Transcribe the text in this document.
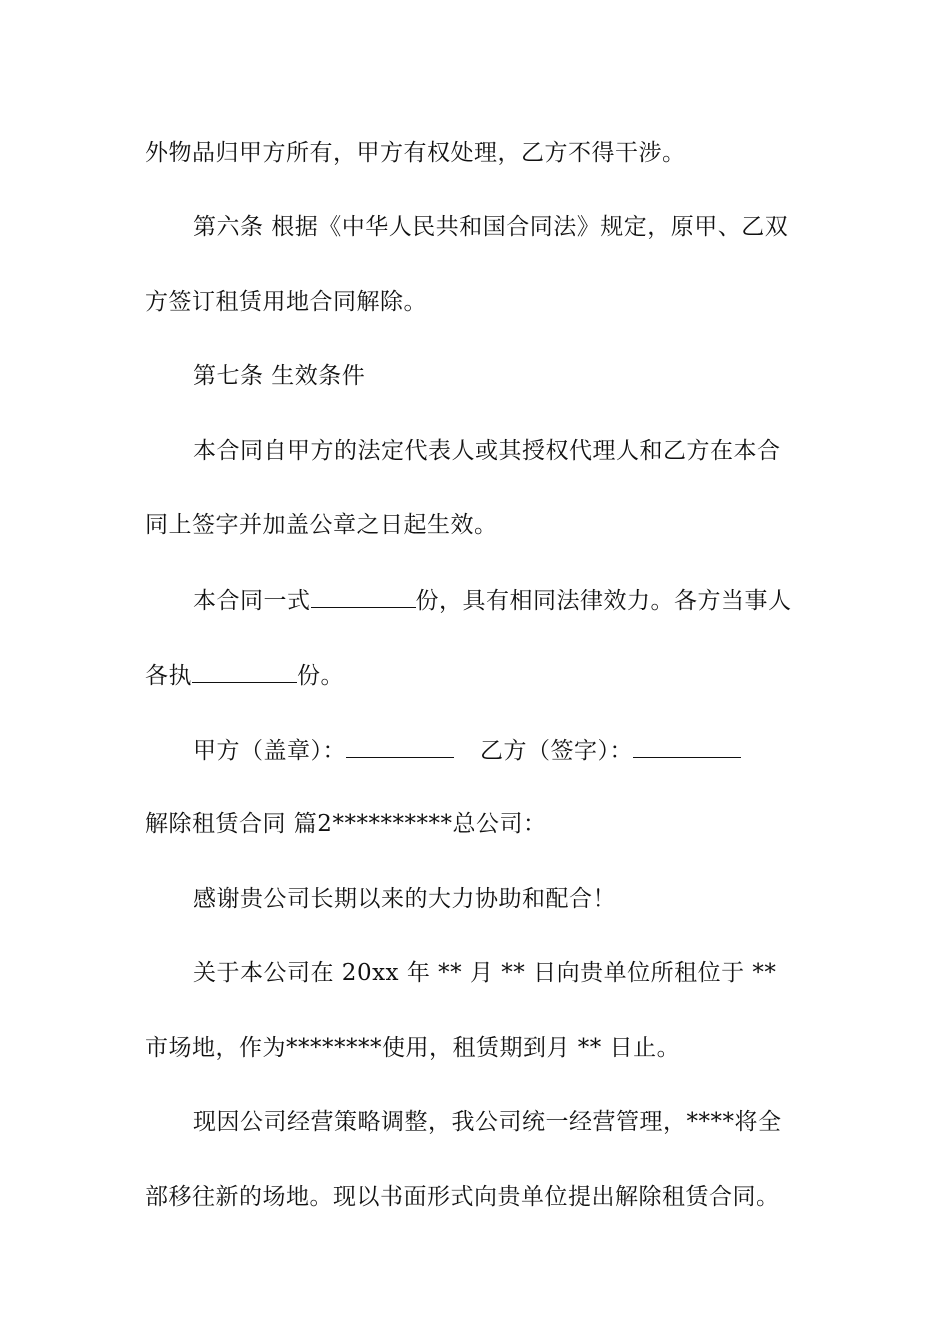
外物品归甲方所有，甲方有权处理，乙方不得干涉。
第六条 根据《中华人民共和国合同法》规定，原甲、乙双
方签订租赁用地合同解除。
第七条 生效条件
本合同自甲方的法定代表人或其授权代理人和乙方在本合
同上签字并加盖公章之日起生效。
本合同一式	份，具有相同法律效力。各方当事人
各执	份。
甲方（盖章）：	乙方（签字）：
解除租赁合同 篇2**********总公司：
感谢贵公司长期以来的大力协助和配合！
关于本公司在 20xx 年 ** 月 ** 日向贵单位所租位于 **
市场地，作为********使用，租赁期到月 ** 日止。
现因公司经营策略调整，我公司统一经营管理，****将全
部移往新的场地。现以书面形式向贵单位提出解除租赁合同。
